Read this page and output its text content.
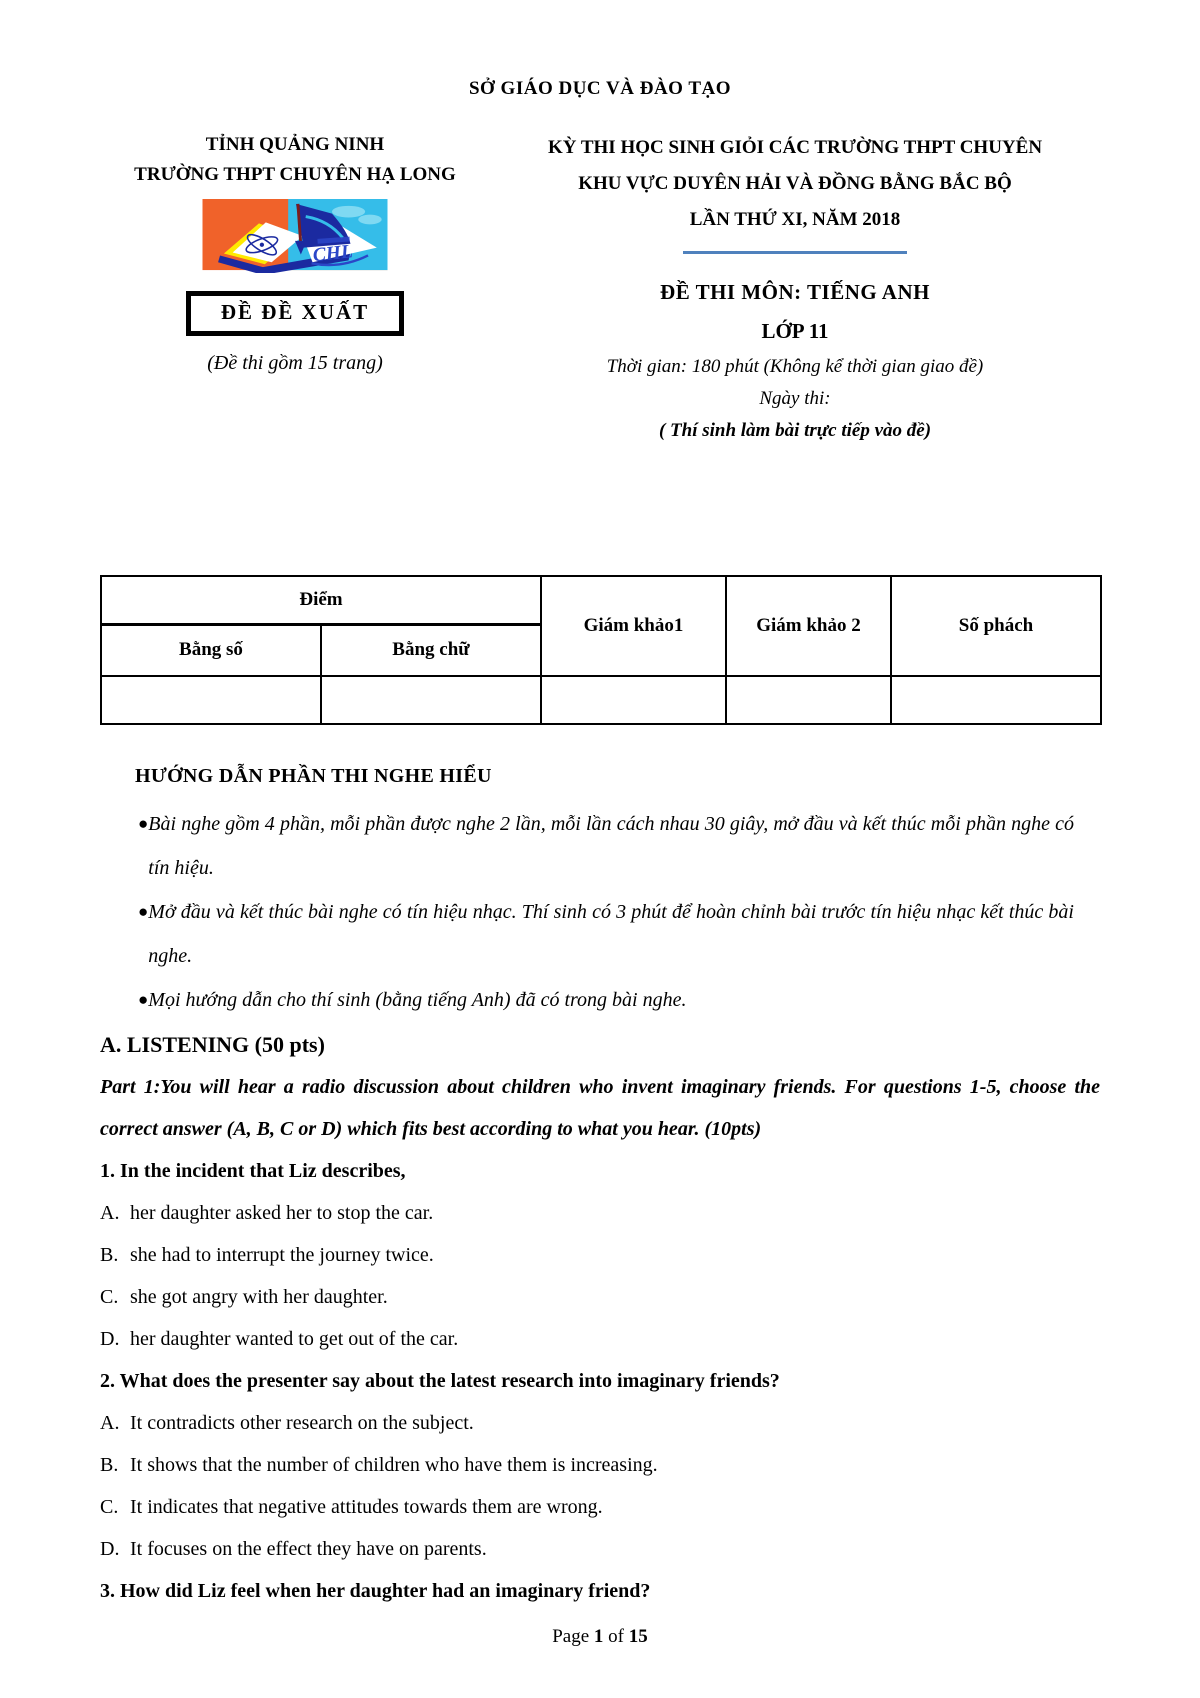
SỞ GIÁO DỤC VÀ ĐÀO TẠO
TỈNH QUẢNG NINH
TRƯỜNG THPT CHUYÊN HẠ LONG
CHL
ĐỀ ĐỀ XUẤT
(Đề thi gồm 15 trang)
KỲ THI HỌC SINH GIỎI CÁC TRƯỜNG THPT CHUYÊN
KHU VỰC DUYÊN HẢI VÀ ĐỒNG BẰNG BẮC BỘ
LẦN THỨ XI, NĂM 2018
ĐỀ THI MÔN: TIẾNG ANH
LỚP 11
Thời gian: 180 phút (Không kể thời gian giao đề)
Ngày thi:
( Thí sinh làm bài trực tiếp vào đề)
Điểm		Giám khảo1	Giám khảo 2	Số phách
Bằng số	Bằng chữ			

HƯỚNG DẪN PHẦN THI NGHE HIỂU
● Bài nghe gồm 4 phần, mỗi phần được nghe 2 lần, mỗi lần cách nhau 30 giây, mở đầu và kết thúc mỗi phần nghe có tín hiệu.
● Mở đầu và kết thúc bài nghe có tín hiệu nhạc. Thí sinh có 3 phút để hoàn chỉnh bài trước tín hiệu nhạc kết thúc bài nghe.
● Mọi hướng dẫn cho thí sinh (bằng tiếng Anh) đã có trong bài nghe.
A. LISTENING (50 pts)
Part 1:You will hear a radio discussion about children who invent imaginary friends. For questions 1-5, choose the correct answer (A, B, C or D) which fits best according to what you hear. (10pts)

1. In the incident that Liz describes,

A. her daughter asked her to stop the car.

B. she had to interrupt the journey twice.

C. she got angry with her daughter.

D. her daughter wanted to get out of the car.

2. What does the presenter say about the latest research into imaginary friends?

A. It contradicts other research on the subject.

B. It shows that the number of children who have them is increasing.

C. It indicates that negative attitudes towards them are wrong.

D. It focuses on the effect they have on parents.

3. How did Liz feel when her daughter had an imaginary friend?

Page 1 of 15
